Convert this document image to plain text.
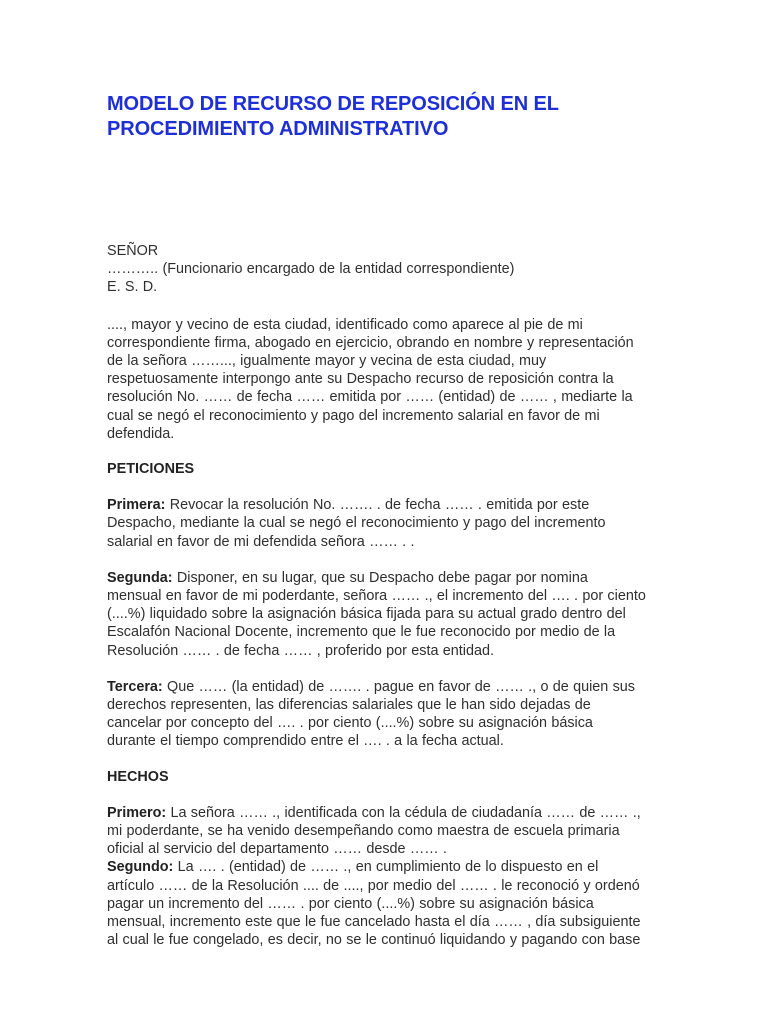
MODELO DE RECURSO DE REPOSICIÓN EN EL
PROCEDIMIENTO ADMINISTRATIVO
SEÑOR
……….. (Funcionario encargado de la entidad correspondiente)
E. S. D.
...., mayor y vecino de esta ciudad, identificado como aparece al pie de mi
correspondiente firma, abogado en ejercicio, obrando en nombre y representación
de la señora ……..., igualmente mayor y vecina de esta ciudad, muy
respetuosamente interpongo ante su Despacho recurso de reposición contra la
resolución No. …… de fecha …… emitida por …… (entidad) de …… , mediarte la
cual se negó el reconocimiento y pago del incremento salarial en favor de mi
defendida.
PETICIONES
Primera: Revocar la resolución No. ……. . de fecha …… . emitida por este
Despacho, mediante la cual se negó el reconocimiento y pago del incremento
salarial en favor de mi defendida señora …… . .
Segunda: Disponer, en su lugar, que su Despacho debe pagar por nomina
mensual en favor de mi poderdante, señora …… ., el incremento del …. . por ciento
(....%) liquidado sobre la asignación básica fijada para su actual grado dentro del
Escalafón Nacional Docente, incremento que le fue reconocido por medio de la
Resolución …… . de fecha …… , proferido por esta entidad.
Tercera: Que …… (la entidad) de ……. . pague en favor de …… ., o de quien sus
derechos representen, las diferencias salariales que le han sido dejadas de
cancelar por concepto del …. . por ciento (....%) sobre su asignación básica
durante el tiempo comprendido entre el …. . a la fecha actual.
HECHOS
Primero: La señora …… ., identificada con la cédula de ciudadanía …… de …… .,
mi poderdante, se ha venido desempeñando como maestra de escuela primaria
oficial al servicio del departamento …… desde …… .
Segundo: La …. . (entidad) de …… ., en cumplimiento de lo dispuesto en el
artículo …… de la Resolución .... de ...., por medio del …… . le reconoció y ordenó
pagar un incremento del …… . por ciento (....%) sobre su asignación básica
mensual, incremento este que le fue cancelado hasta el día …… , día subsiguiente
al cual le fue congelado, es decir, no se le continuó liquidando y pagando con base
